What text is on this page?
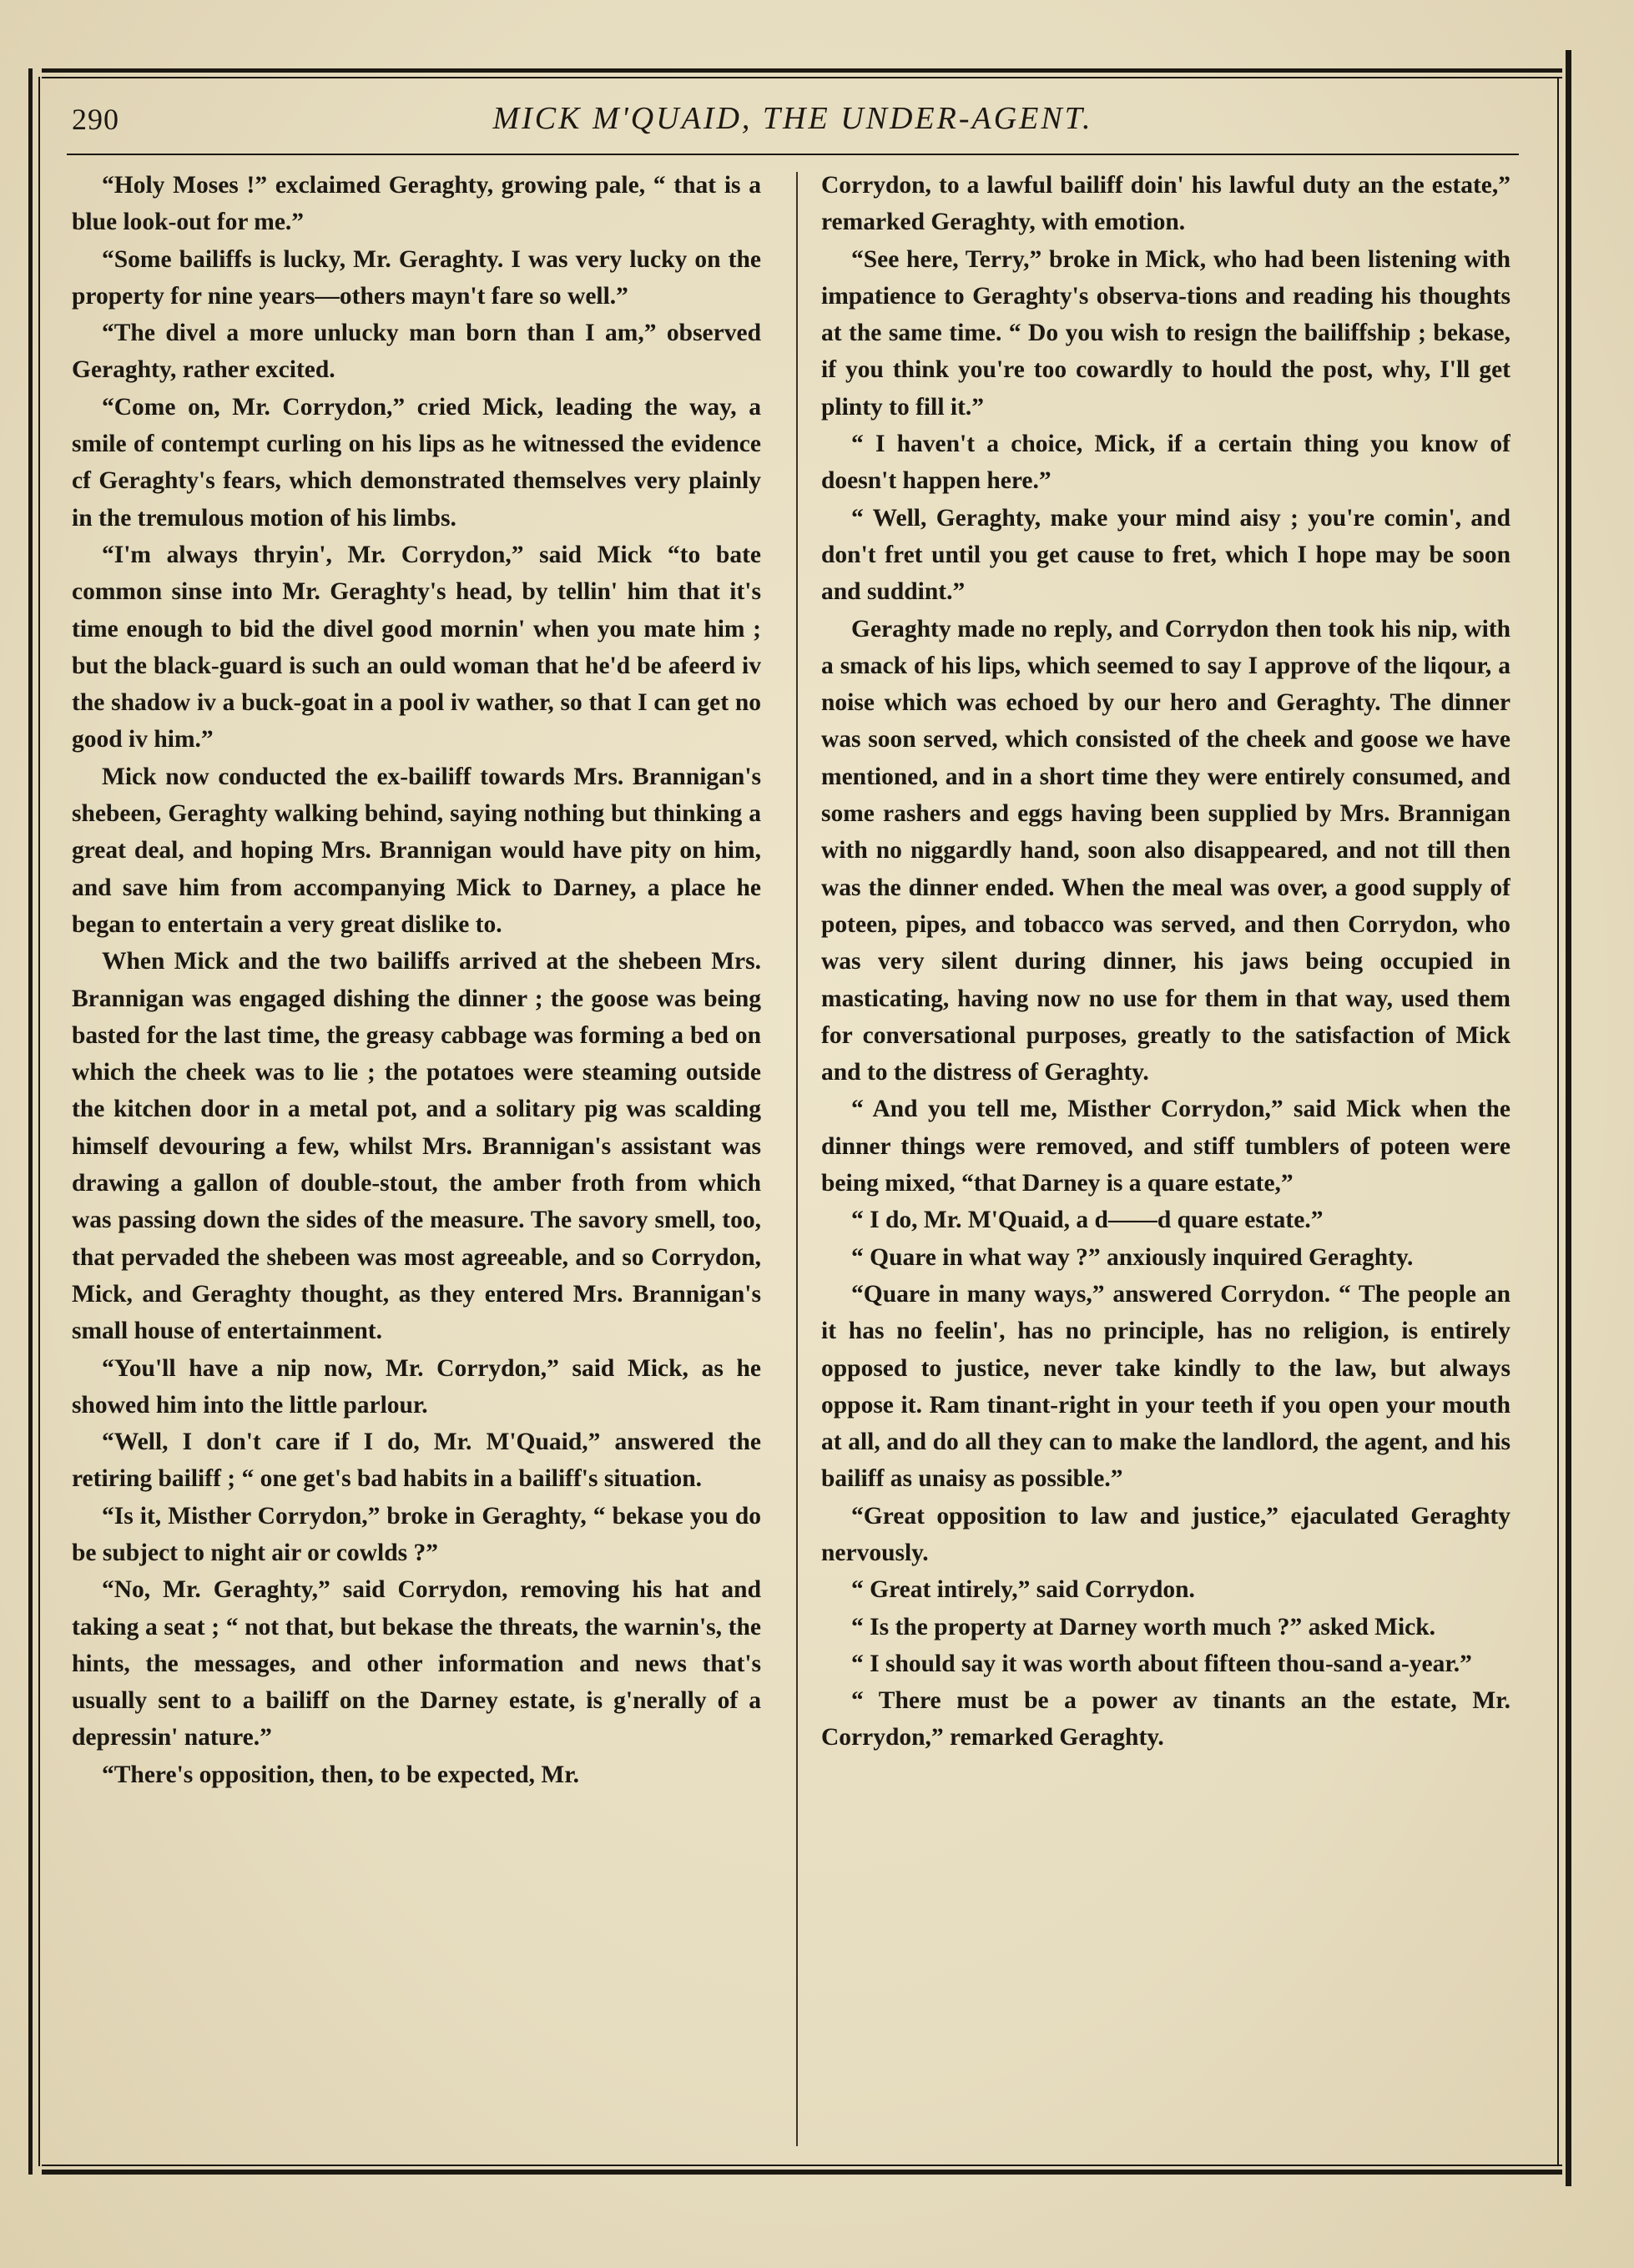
290	MICK M'QUAID, THE UNDER-AGENT.

“Holy Moses !” exclaimed Geraghty, growing pale, “ that is a blue look-out for me.”

“Some bailiffs is lucky, Mr. Geraghty. I was very lucky on the property for nine years—others mayn't fare so well.”

“The divel a more unlucky man born than I am,” observed Geraghty, rather excited.

“Come on, Mr. Corrydon,” cried Mick, leading the way, a smile of contempt curling on his lips as he witnessed the evidence cf Geraghty's fears, which demonstrated themselves very plainly in the tremulous motion of his limbs.

“I'm always thryin', Mr. Corrydon,” said Mick “to bate common sinse into Mr. Geraghty's head, by tellin' him that it's time enough to bid the divel good mornin' when you mate him ; but the black-guard is such an ould woman that he'd be afeerd iv the shadow iv a buck-goat in a pool iv wather, so that I can get no good iv him.”

Mick now conducted the ex-bailiff towards Mrs. Brannigan's shebeen, Geraghty walking behind, saying nothing but thinking a great deal, and hoping Mrs. Brannigan would have pity on him, and save him from accompanying Mick to Darney, a place he began to entertain a very great dislike to.

When Mick and the two bailiffs arrived at the shebeen Mrs. Brannigan was engaged dishing the dinner ; the goose was being basted for the last time, the greasy cabbage was forming a bed on which the cheek was to lie ; the potatoes were steaming outside the kitchen door in a metal pot, and a solitary pig was scalding himself devouring a few, whilst Mrs. Brannigan's assistant was drawing a gallon of double-stout, the amber froth from which was passing down the sides of the measure. The savory smell, too, that pervaded the shebeen was most agreeable, and so Corrydon, Mick, and Geraghty thought, as they entered Mrs. Brannigan's small house of entertainment.

“You'll have a nip now, Mr. Corrydon,” said Mick, as he showed him into the little parlour.

“Well, I don't care if I do, Mr. M'Quaid,” answered the retiring bailiff ; “ one get's bad habits in a bailiff's situation.

“Is it, Misther Corrydon,” broke in Geraghty, “ bekase you do be subject to night air or cowlds ?”

“No, Mr. Geraghty,” said Corrydon, removing his hat and taking a seat ; “ not that, but bekase the threats, the warnin's, the hints, the messages, and other information and news that's usually sent to a bailiff on the Darney estate, is g'nerally of a depressin' nature.”

“There's opposition, then, to be expected, Mr.

Corrydon, to a lawful bailiff doin' his lawful duty an the estate,” remarked Geraghty, with emotion.

“See here, Terry,” broke in Mick, who had been listening with impatience to Geraghty's observa-tions and reading his thoughts at the same time. “ Do you wish to resign the bailiffship ; bekase, if you think you're too cowardly to hould the post, why, I'll get plinty to fill it.”

“ I haven't a choice, Mick, if a certain thing you know of doesn't happen here.”

“ Well, Geraghty, make your mind aisy ; you're comin', and don't fret until you get cause to fret, which I hope may be soon and suddint.”

Geraghty made no reply, and Corrydon then took his nip, with a smack of his lips, which seemed to say I approve of the liqour, a noise which was echoed by our hero and Geraghty. The dinner was soon served, which consisted of the cheek and goose we have mentioned, and in a short time they were entirely consumed, and some rashers and eggs having been supplied by Mrs. Brannigan with no niggardly hand, soon also disappeared, and not till then was the dinner ended. When the meal was over, a good supply of poteen, pipes, and tobacco was served, and then Corrydon, who was very silent during dinner, his jaws being occupied in masticating, having now no use for them in that way, used them for conversational purposes, greatly to the satisfaction of Mick and to the distress of Geraghty.

“ And you tell me, Misther Corrydon,” said Mick when the dinner things were removed, and stiff tumblers of poteen were being mixed, “that Darney is a quare estate,”

“ I do, Mr. M'Quaid, a d——d quare estate.”

“ Quare in what way ?” anxiously inquired Geraghty.

“Quare in many ways,” answered Corrydon. “ The people an it has no feelin', has no principle, has no religion, is entirely opposed to justice, never take kindly to the law, but always oppose it. Ram tinant-right in your teeth if you open your mouth at all, and do all they can to make the landlord, the agent, and his bailiff as unaisy as possible.”

“Great opposition to law and justice,” ejaculated Geraghty nervously.

“ Great intirely,” said Corrydon.

“ Is the property at Darney worth much ?” asked Mick.

“ I should say it was worth about fifteen thou-sand a-year.”

“ There must be a power av tinants an the estate, Mr. Corrydon,” remarked Geraghty.
